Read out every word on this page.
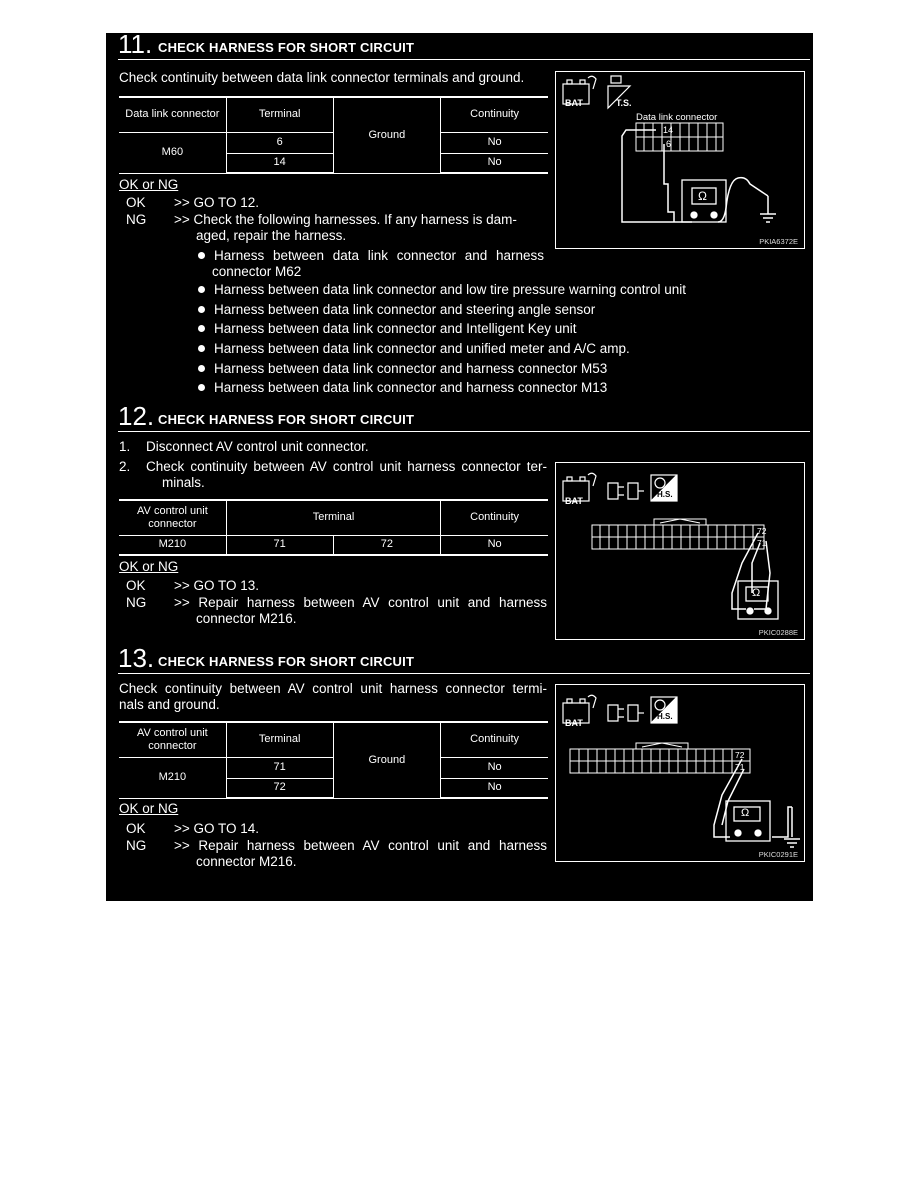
11. CHECK HARNESS FOR SHORT CIRCUIT
Check continuity between data link connector terminals and ground.
Data link connector	Terminal	Ground	Continuity
M60	6		No
	14		No
OK or NG
OK >> GO TO 12.
NG >> Check the following harnesses. If any harness is dam-
aged, repair the harness.
Harness between data link connector and harness
connector M62
Harness between data link connector and low tire pressure warning control unit
Harness between data link connector and steering angle sensor
Harness between data link connector and Intelligent Key unit
Harness between data link connector and unified meter and A/C amp.
Harness between data link connector and harness connector M53
Harness between data link connector and harness connector M13
BAT	T.S.
Data link connector
14
6
Ω
PKIA6372E
12. CHECK HARNESS FOR SHORT CIRCUIT
1. Disconnect AV control unit connector.
2. Check continuity between AV control unit harness connector ter-
minals.
AV control unit connector	Terminal		Continuity
M210	71	72	No
OK or NG
OK >> GO TO 13.
NG >> Repair harness between AV control unit and harness
connector M216.
BAT
H.S.
72
71
Ω
PKIC0288E
13. CHECK HARNESS FOR SHORT CIRCUIT
Check continuity between AV control unit harness connector termi-
nals and ground.
AV control unit connector	Terminal	Ground	Continuity
M210	71		No
	72		No
OK or NG
OK >> GO TO 14.
NG >> Repair harness between AV control unit and harness
connector M216.
BAT
H.S.
72
71
Ω
PKIC0291E
